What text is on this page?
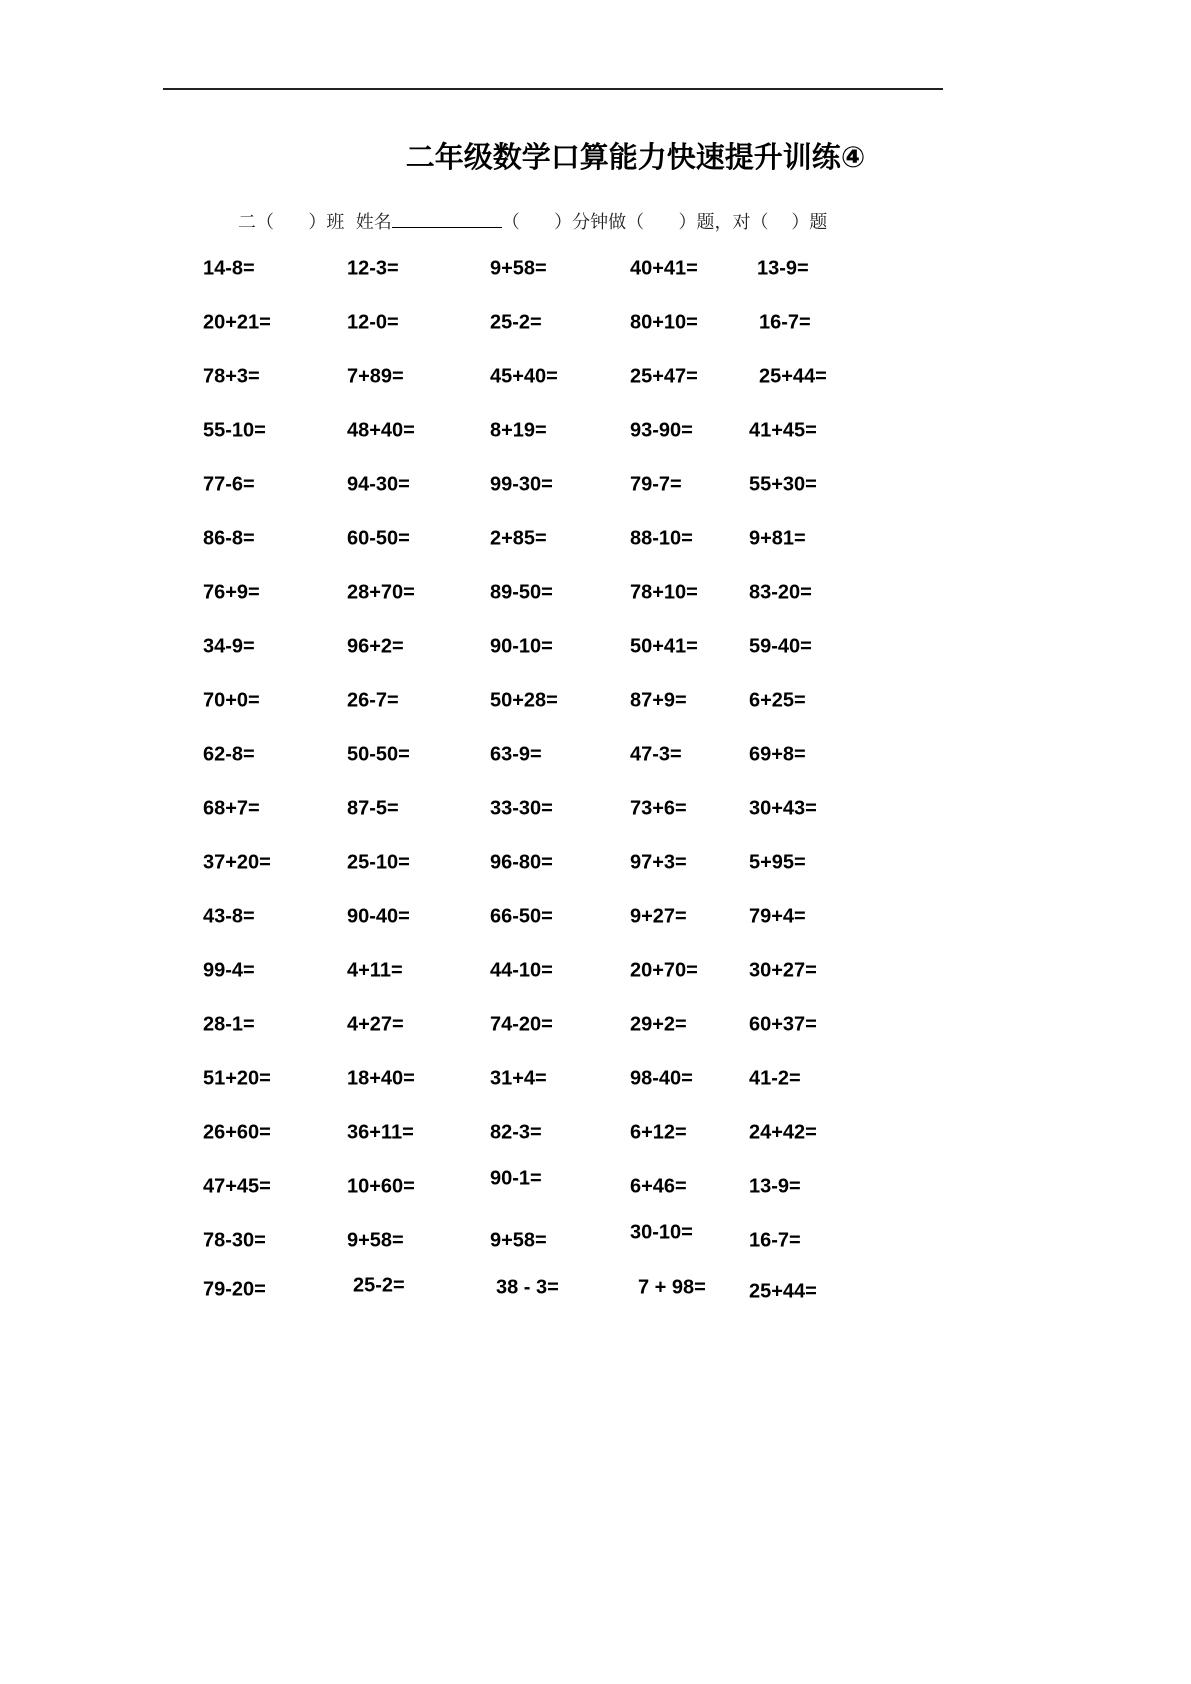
二年级数学口算能力快速提升训练④
二（      ）班  姓名	（      ）分钟做（      ）题，对（    ）题
14-8=	12-3=	9+58=	40+41=	13-9=
20+21=	12-0=	25-2=	80+10=	16-7=
78+3=	7+89=	45+40=	25+47=	25+44=
55-10=	48+40=	8+19=	93-90=	41+45=
77-6=	94-30=	99-30=	79-7=	55+30=
86-8=	60-50=	2+85=	88-10=	9+81=
76+9=	28+70=	89-50=	78+10=	83-20=
34-9=	96+2=	90-10=	50+41=	59-40=
70+0=	26-7=	50+28=	87+9=	6+25=
62-8=	50-50=	63-9=	47-3=	69+8=
68+7=	87-5=	33-30=	73+6=	30+43=
37+20=	25-10=	96-80=	97+3=	5+95=
43-8=	90-40=	66-50=	9+27=	79+4=
99-4=	4+11=	44-10=	20+70=	30+27=
28-1=	4+27=	74-20=	29+2=	60+37=
51+20=	18+40=	31+4=	98-40=	41-2=
26+60=	36+11=	82-3=	6+12=	24+42=
47+45=	10+60=	90-1=	6+46=	13-9=
78-30=	9+58=	9+58=	30-10=	16-7=
79-20=	25-2=	38 - 3=	7 + 98= 25+44=
